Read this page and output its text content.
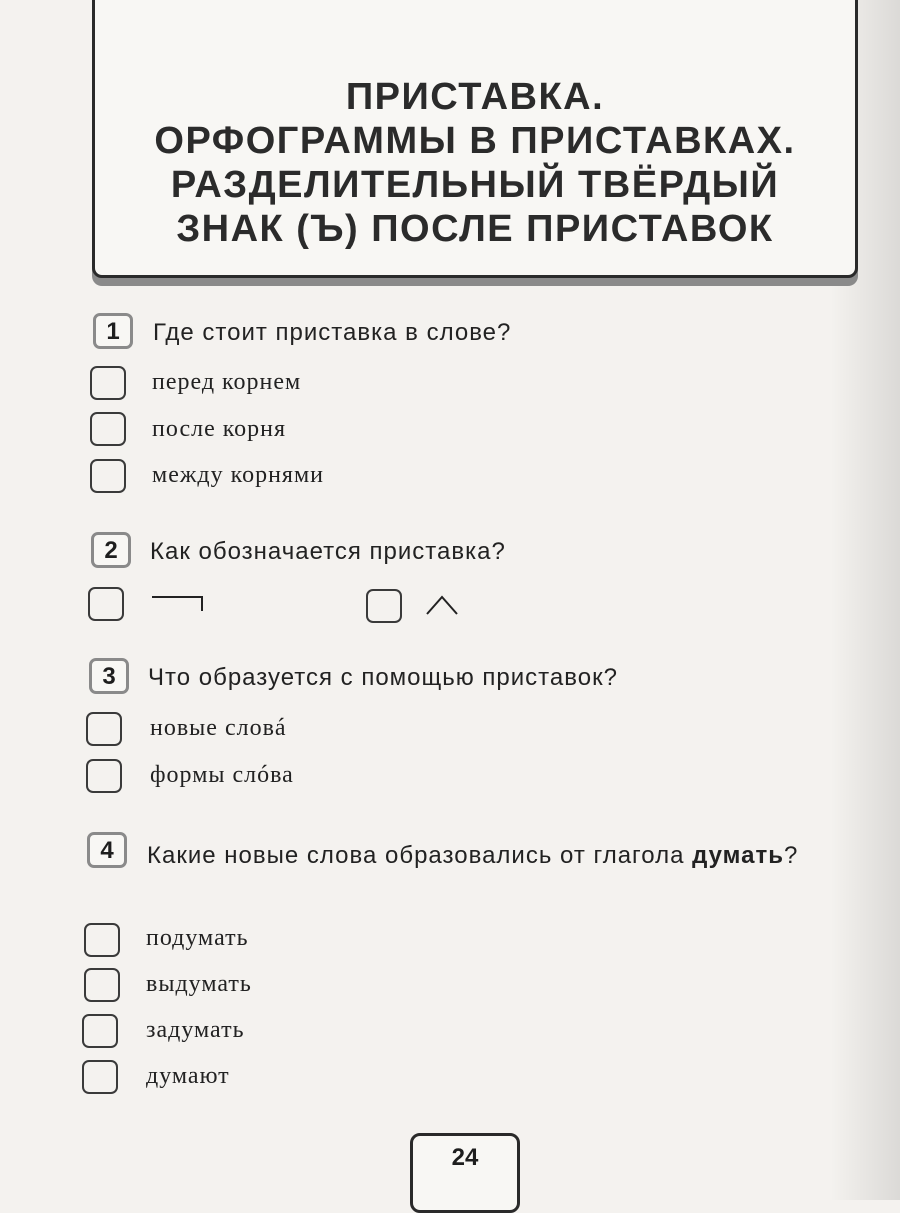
ПРИСТАВКА.
ОРФОГРАММЫ В ПРИСТАВКАХ.
РАЗДЕЛИТЕЛЬНЫЙ ТВЁРДЫЙ
ЗНАК (Ъ) ПОСЛЕ ПРИСТАВОК
1	Где стоит приставка в слове?
перед корнем
после корня
между корнями
2	Как обозначается приставка?
3	Что образуется с помощью приставок?
новые словá
формы слóва
4	Какие новые слова образовались от глагола думать?
подумать
выдумать
задумать
думают
24
